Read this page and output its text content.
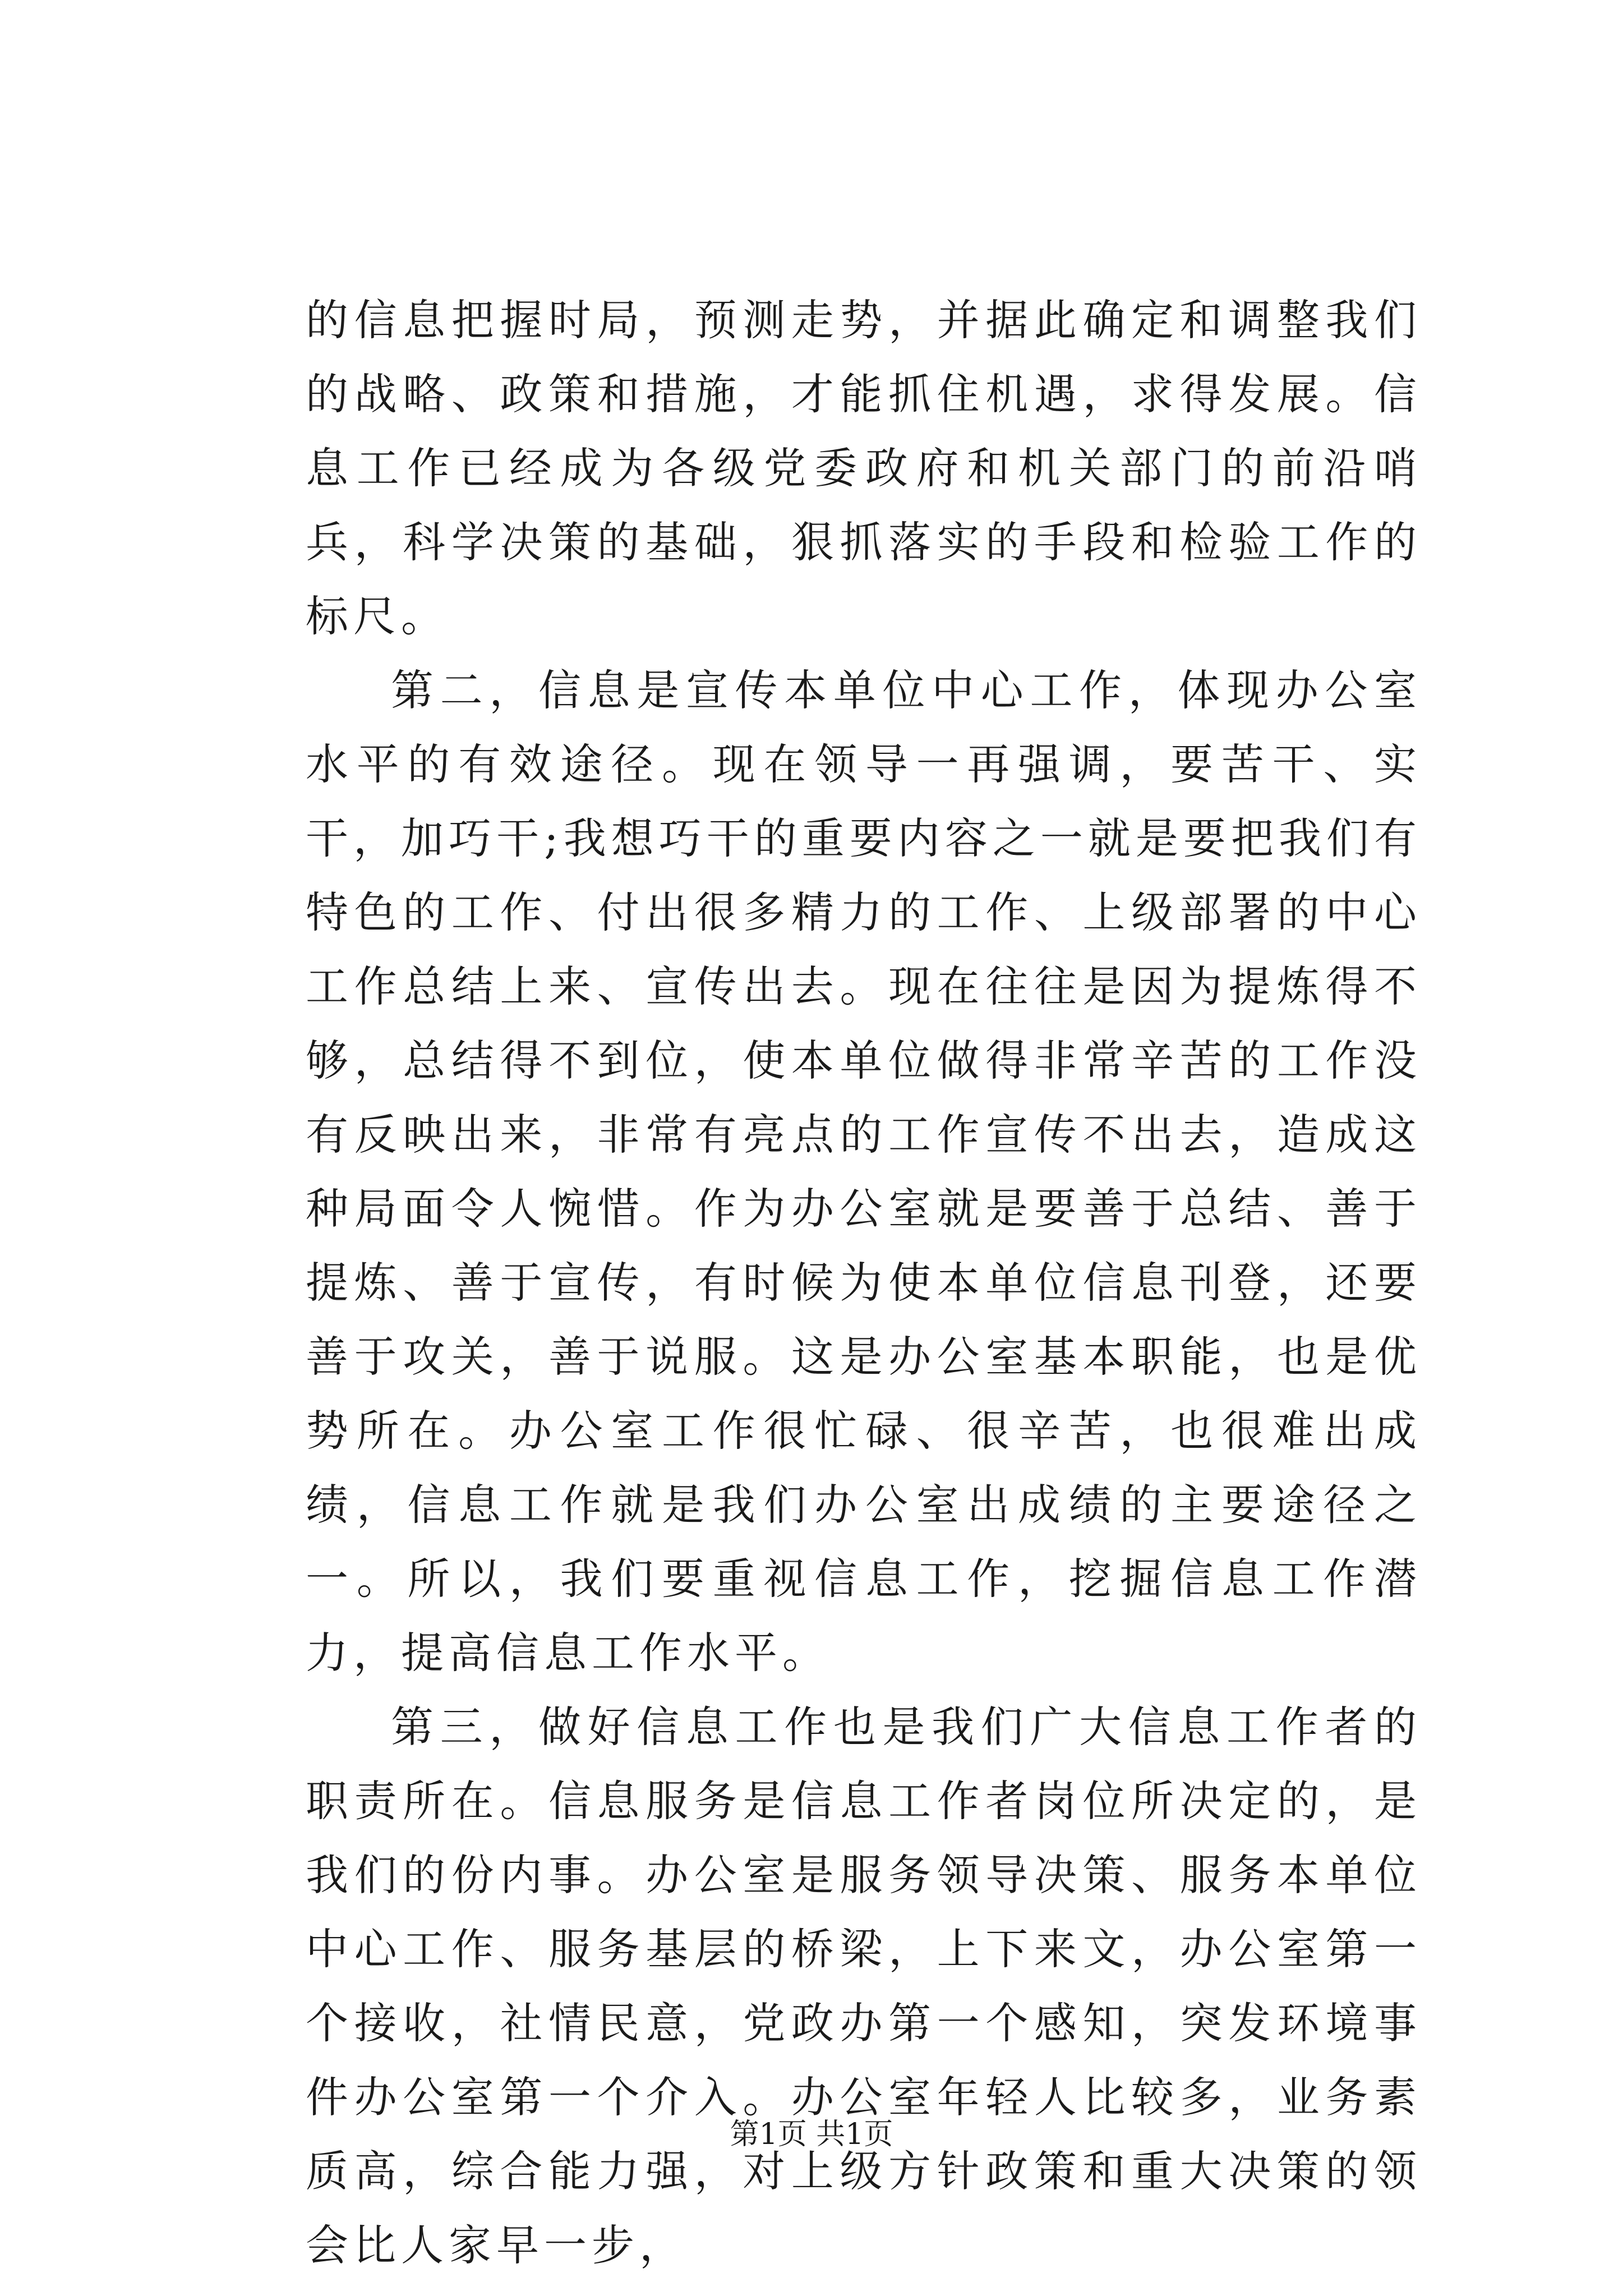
的信息把握时局，预测走势，并据此确定和调整我们的战略、政策和措施，才能抓住机遇，求得发展。信息工作已经成为各级党委政府和机关部门的前沿哨兵，科学决策的基础，狠抓落实的手段和检验工作的标尺。

第二，信息是宣传本单位中心工作，体现办公室水平的有效途径。现在领导一再强调，要苦干、实干，加巧干;我想巧干的重要内容之一就是要把我们有特色的工作、付出很多精力的工作、上级部署的中心工作总结上来、宣传出去。现在往往是因为提炼得不够，总结得不到位，使本单位做得非常辛苦的工作没有反映出来，非常有亮点的工作宣传不出去，造成这种局面令人惋惜。作为办公室就是要善于总结、善于提炼、善于宣传，有时候为使本单位信息刊登，还要善于攻关，善于说服。这是办公室基本职能，也是优势所在。办公室工作很忙碌、很辛苦，也很难出成绩，信息工作就是我们办公室出成绩的主要途径之一。所以，我们要重视信息工作，挖掘信息工作潜力，提高信息工作水平。

第三，做好信息工作也是我们广大信息工作者的职责所在。信息服务是信息工作者岗位所决定的，是我们的份内事。办公室是服务领导决策、服务本单位中心工作、服务基层的桥梁，上下来文，办公室第一个接收，社情民意，党政办第一个感知，突发环境事件办公室第一个介入。办公室年轻人比较多，业务素质高，综合能力强，对上级方针政策和重大决策的领会比人家早一步，

第1页 共1页
